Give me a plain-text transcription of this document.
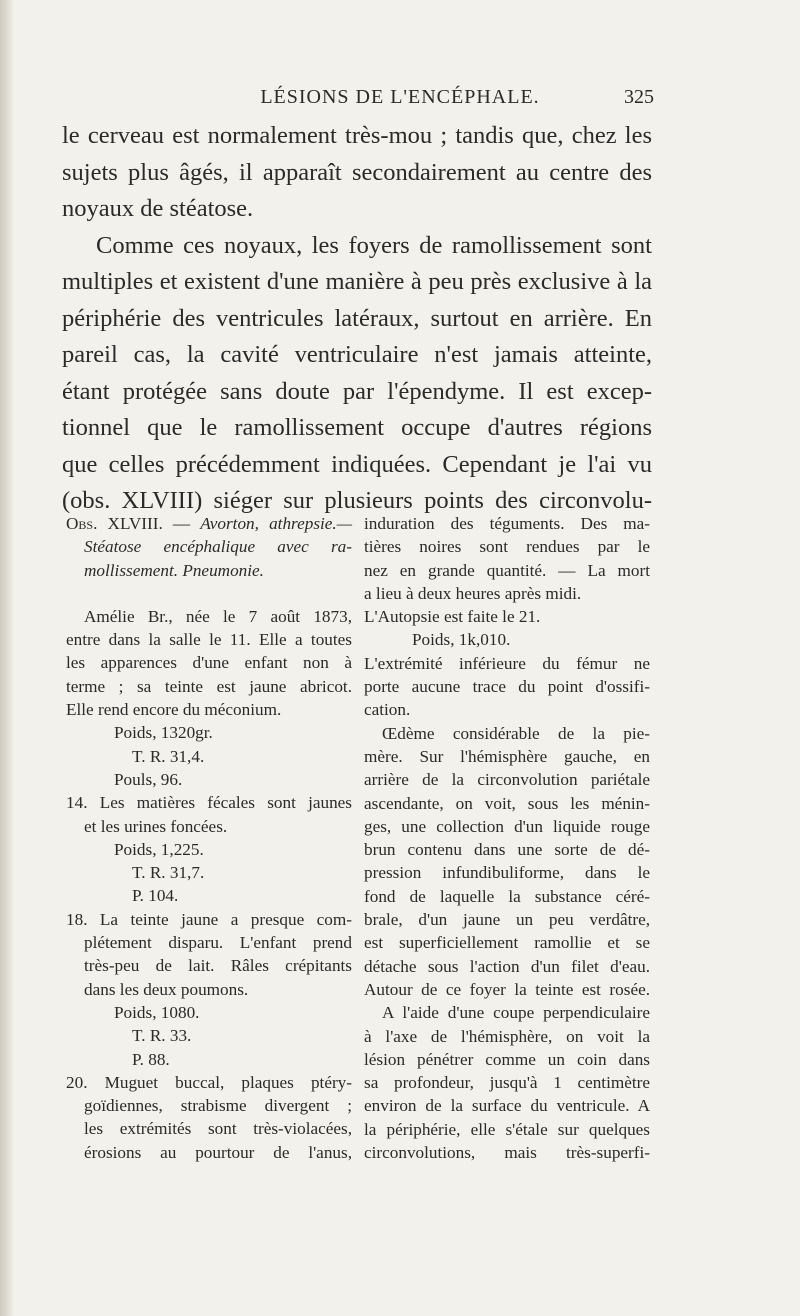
LÉSIONS DE L'ENCÉPHALE.	325
le cerveau est normalement très-mou ; tandis que, chez les
sujets plus âgés, il apparaît secondairement au centre des
noyaux de stéatose.
Comme ces noyaux, les foyers de ramollissement sont
multiples et existent d'une manière à peu près exclusive à la
périphérie des ventricules latéraux, surtout en arrière. En
pareil cas, la cavité ventriculaire n'est jamais atteinte,
étant protégée sans doute par l'épendyme. Il est excep-
tionnel que le ramollissement occupe d'autres régions
que celles précédemment indiquées. Cependant je l'ai vu
(obs. XLVIII) siéger sur plusieurs points des circonvolu-
Obs. XLVIII. — Avorton, athrepsie.—
Stéatose encéphalique avec ra-
mollissement. Pneumonie.
Amélie Br., née le 7 août 1873,
entre dans la salle le 11. Elle a toutes
les apparences d'une enfant non à
terme ; sa teinte est jaune abricot.
Elle rend encore du méconium.
Poids, 1320gr.
T. R. 31,4.
Pouls, 96.
14. Les matières fécales sont jaunes
et les urines foncées.
Poids, 1,225.
T. R. 31,7.
P. 104.
18. La teinte jaune a presque com-
plétement disparu. L'enfant prend
très-peu de lait. Râles crépitants
dans les deux poumons.
Poids, 1080.
T. R. 33.
P. 88.
20. Muguet buccal, plaques ptéry-
goïdiennes, strabisme divergent ;
les extrémités sont très-violacées,
érosions au pourtour de l'anus,
induration des téguments. Des ma-
tières noires sont rendues par le
nez en grande quantité. — La mort
a lieu à deux heures après midi.
L'Autopsie est faite le 21.
Poids, 1k,010.
L'extrémité inférieure du fémur ne
porte aucune trace du point d'ossifi-
cation.
Œdème considérable de la pie-
mère. Sur l'hémisphère gauche, en
arrière de la circonvolution pariétale
ascendante, on voit, sous les ménin-
ges, une collection d'un liquide rouge
brun contenu dans une sorte de dé-
pression infundibuliforme, dans le
fond de laquelle la substance céré-
brale, d'un jaune un peu verdâtre,
est superficiellement ramollie et se
détache sous l'action d'un filet d'eau.
Autour de ce foyer la teinte est rosée.
A l'aide d'une coupe perpendiculaire
à l'axe de l'hémisphère, on voit la
lésion pénétrer comme un coin dans
sa profondeur, jusqu'à 1 centimètre
environ de la surface du ventricule. A
la périphérie, elle s'étale sur quelques
circonvolutions, mais très-superfi-
